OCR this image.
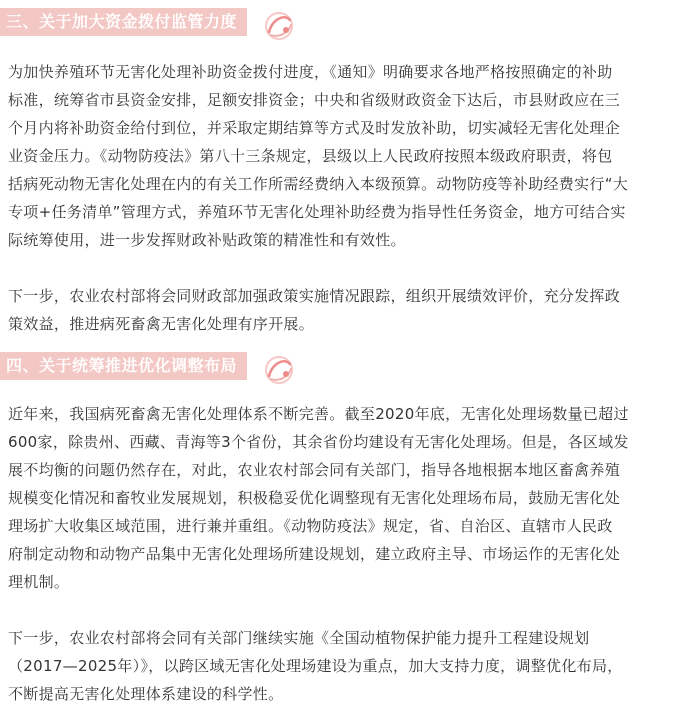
三、关于加大资金拨付监管力度

为加快养殖环节无害化处理补助资金拨付进度，《通知》明确要求各地严格按照确定的补助
标准，统筹省市县资金安排，足额安排资金；中央和省级财政资金下达后，市县财政应在三
个月内将补助资金给付到位，并采取定期结算等方式及时发放补助，切实减轻无害化处理企
业资金压力。《动物防疫法》第八十三条规定，县级以上人民政府按照本级政府职责，将包
括病死动物无害化处理在内的有关工作所需经费纳入本级预算。动物防疫等补助经费实行“大
专项+任务清单”管理方式，养殖环节无害化处理补助经费为指导性任务资金，地方可结合实
际统筹使用，进一步发挥财政补贴政策的精准性和有效性。

下一步，农业农村部将会同财政部加强政策实施情况跟踪，组织开展绩效评价，充分发挥政
策效益，推进病死畜禽无害化处理有序开展。

四、关于统筹推进优化调整布局

近年来，我国病死畜禽无害化处理体系不断完善。截至2020年底，无害化处理场数量已超过
600家，除贵州、西藏、青海等3个省份，其余省份均建设有无害化处理场。但是，各区域发
展不均衡的问题仍然存在，对此，农业农村部会同有关部门，指导各地根据本地区畜禽养殖
规模变化情况和畜牧业发展规划，积极稳妥优化调整现有无害化处理场布局，鼓励无害化处
理场扩大收集区域范围，进行兼并重组。《动物防疫法》规定，省、自治区、直辖市人民政
府制定动物和动物产品集中无害化处理场所建设规划，建立政府主导、市场运作的无害化处
理机制。

下一步，农业农村部将会同有关部门继续实施《全国动植物保护能力提升工程建设规划
（2017—2025年）》，以跨区域无害化处理场建设为重点，加大支持力度，调整优化布局，
不断提高无害化处理体系建设的科学性。
